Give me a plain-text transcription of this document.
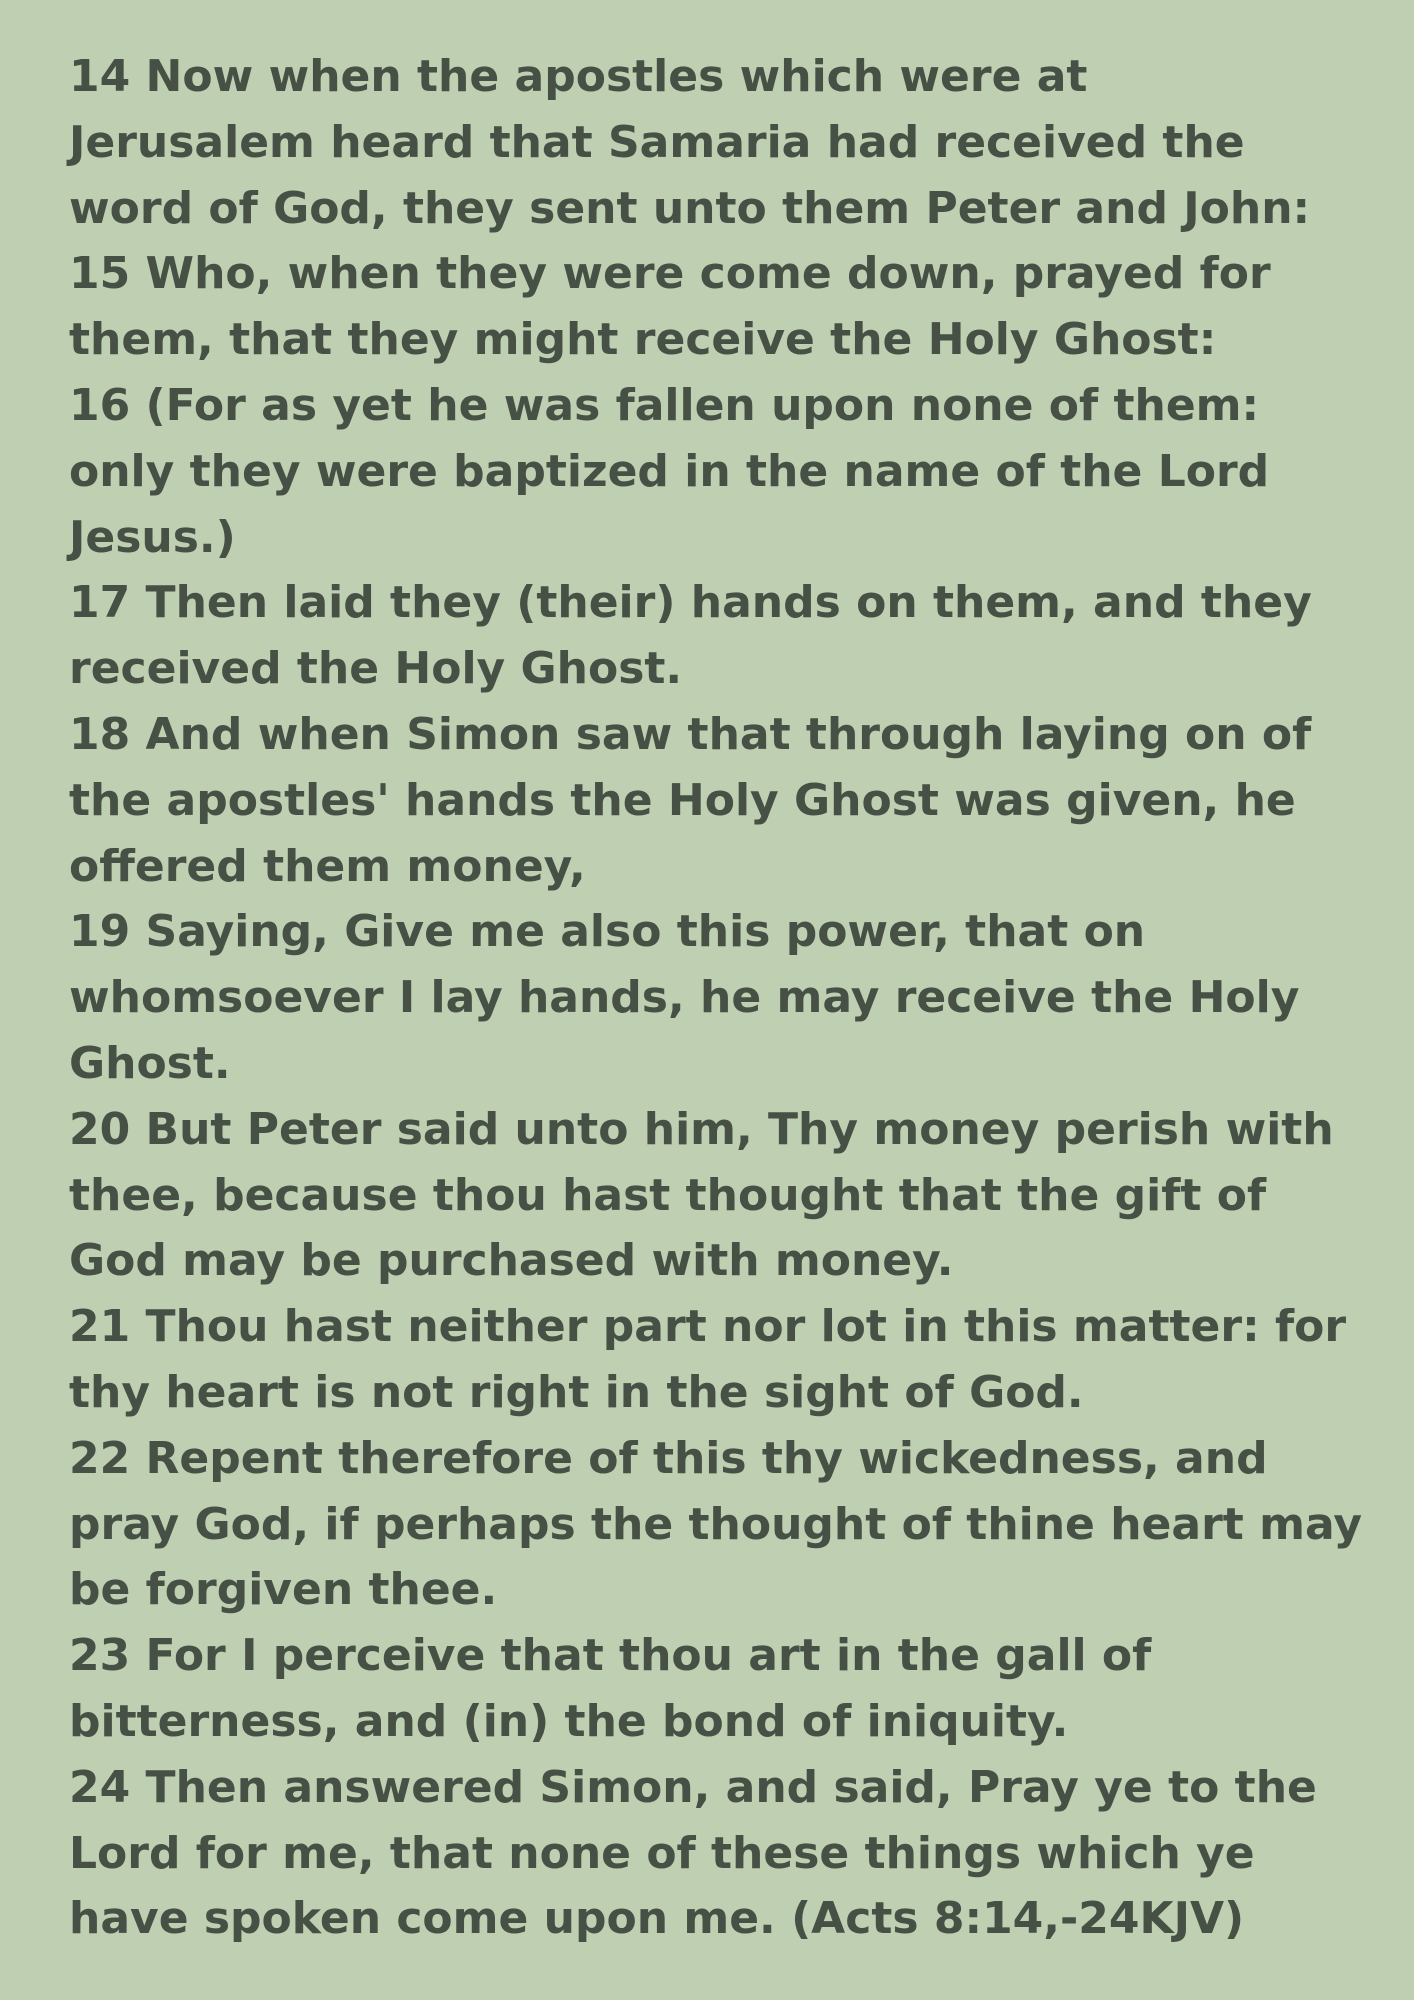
14 Now when the apostles which were at
Jerusalem heard that Samaria had received the
word of God, they sent unto them Peter and John:
15 Who, when they were come down, prayed for
them, that they might receive the Holy Ghost:
16 (For as yet he was fallen upon none of them:
only they were baptized in the name of the Lord
Jesus.)
17 Then laid they (their) hands on them, and they
received the Holy Ghost.
18 And when Simon saw that through laying on of
the apostles' hands the Holy Ghost was given, he
offered them money,
19 Saying, Give me also this power, that on
whomsoever I lay hands, he may receive the Holy
Ghost.
20 But Peter said unto him, Thy money perish with
thee, because thou hast thought that the gift of
God may be purchased with money.
21 Thou hast neither part nor lot in this matter: for
thy heart is not right in the sight of God.
22 Repent therefore of this thy wickedness, and
pray God, if perhaps the thought of thine heart may
be forgiven thee.
23 For I perceive that thou art in the gall of
bitterness, and (in) the bond of iniquity.
24 Then answered Simon, and said, Pray ye to the
Lord for me, that none of these things which ye
have spoken come upon me. (Acts 8:14,-24KJV)
